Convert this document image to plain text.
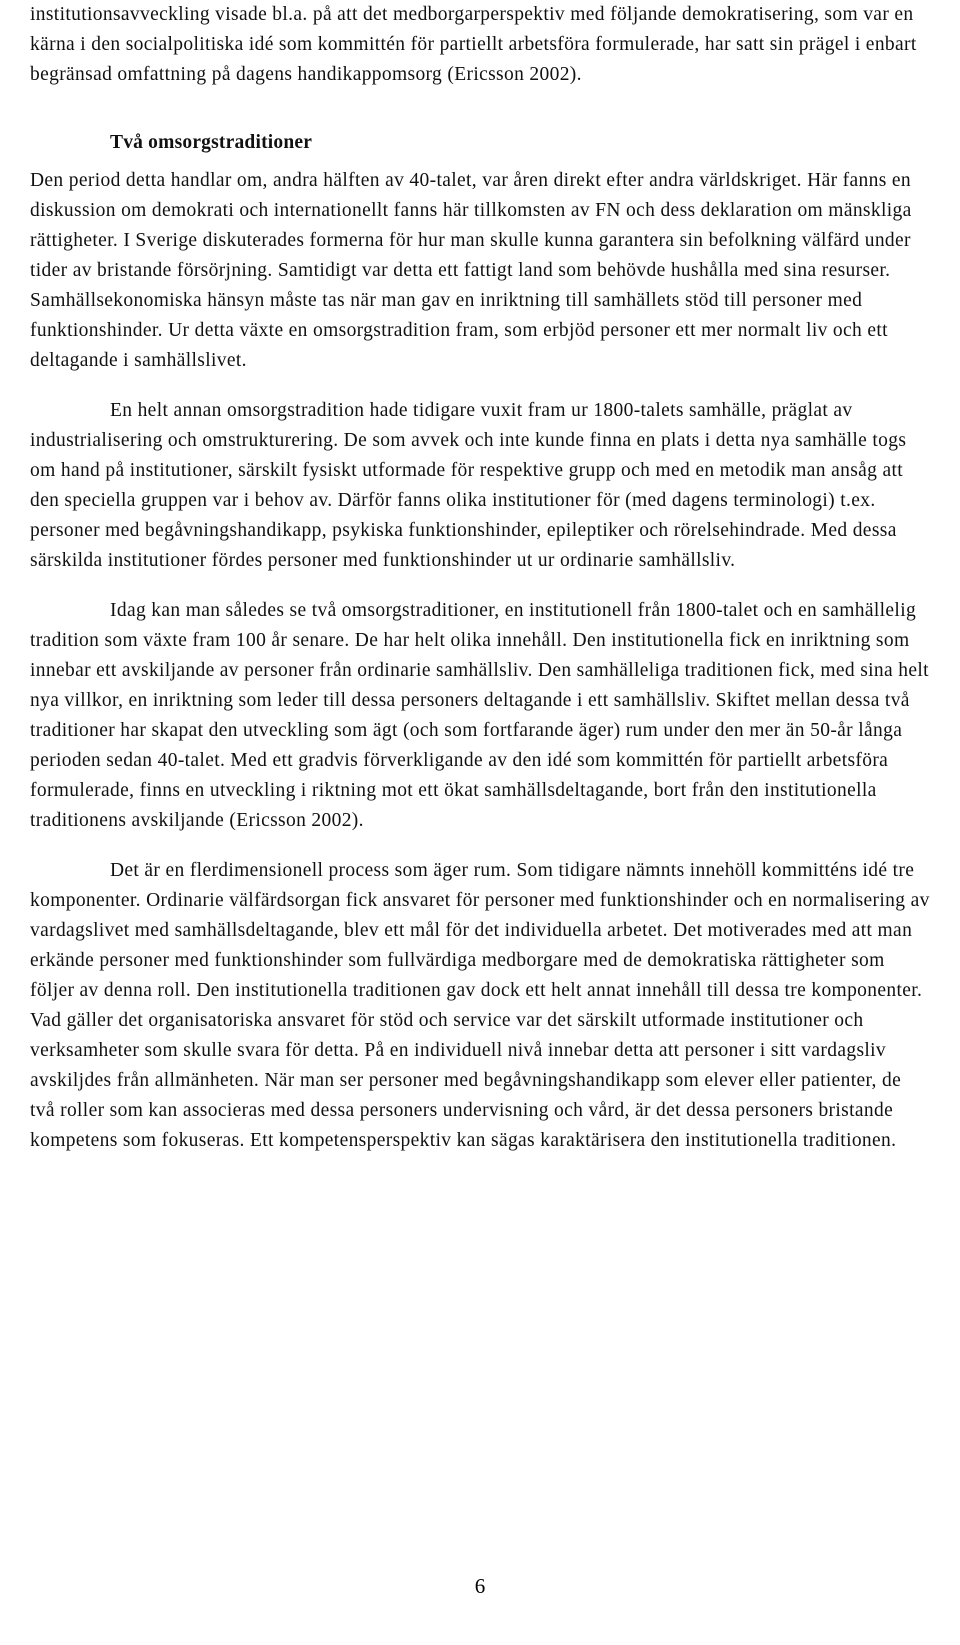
institutionsavveckling visade bl.a. på att det medborgarperspektiv med följande demokratisering, som var en kärna i den socialpolitiska idé som kommittén för partiellt arbetsföra formulerade, har satt sin prägel i enbart begränsad omfattning på dagens handikappomsorg (Ericsson 2002).

Två omsorgstraditioner

Den period detta handlar om, andra hälften av 40-talet, var åren direkt efter andra världskriget. Här fanns en diskussion om demokrati och internationellt fanns här tillkomsten av FN och dess deklaration om mänskliga rättigheter. I Sverige diskuterades formerna för hur man skulle kunna garantera sin befolkning välfärd under tider av bristande försörjning. Samtidigt var detta ett fattigt land som behövde hushålla med sina resurser. Samhällsekonomiska hänsyn måste tas när man gav en inriktning till samhällets stöd till personer med funktionshinder. Ur detta växte en omsorgstradition fram, som erbjöd personer ett mer normalt liv och ett deltagande i samhällslivet.

En helt annan omsorgstradition hade tidigare vuxit fram ur 1800-talets samhälle, präglat av industrialisering och omstrukturering. De som avvek och inte kunde finna en plats i detta nya samhälle togs om hand på institutioner, särskilt fysiskt utformade för respektive grupp och med en metodik man ansåg att den speciella gruppen var i behov av. Därför fanns olika institutioner för (med dagens terminologi) t.ex. personer med begåvningshandikapp, psykiska funktionshinder, epileptiker och rörelsehindrade. Med dessa särskilda institutioner fördes personer med funktionshinder ut ur ordinarie samhällsliv.

Idag kan man således se två omsorgstraditioner, en institutionell från 1800-talet och en samhällelig tradition som växte fram 100 år senare. De har helt olika innehåll. Den institutionella fick en inriktning som innebar ett avskiljande av personer från ordinarie samhällsliv. Den samhälleliga traditionen fick, med sina helt nya villkor, en inriktning som leder till dessa personers deltagande i ett samhällsliv. Skiftet mellan dessa två traditioner har skapat den utveckling som ägt (och som fortfarande äger) rum under den mer än 50-år långa perioden sedan 40-talet. Med ett gradvis förverkligande av den idé som kommittén för partiellt arbetsföra formulerade, finns en utveckling i riktning mot ett ökat samhällsdeltagande, bort från den institutionella traditionens avskiljande (Ericsson 2002).

Det är en flerdimensionell process som äger rum. Som tidigare nämnts innehöll kommitténs idé tre komponenter. Ordinarie välfärdsorgan fick ansvaret för personer med funktionshinder och en normalisering av vardagslivet med samhällsdeltagande, blev ett mål för det individuella arbetet. Det motiverades med att man erkände personer med funktionshinder som fullvärdiga medborgare med de demokratiska rättigheter som följer av denna roll. Den institutionella traditionen gav dock ett helt annat innehåll till dessa tre komponenter. Vad gäller det organisatoriska ansvaret för stöd och service var det särskilt utformade institutioner och verksamheter som skulle svara för detta. På en individuell nivå innebar detta att personer i sitt vardagsliv avskiljdes från allmänheten. När man ser personer med begåvningshandikapp som elever eller patienter, de två roller som kan associeras med dessa personers undervisning och vård, är det dessa personers bristande kompetens som fokuseras. Ett kompetensperspektiv kan sägas karaktärisera den institutionella traditionen.

6
